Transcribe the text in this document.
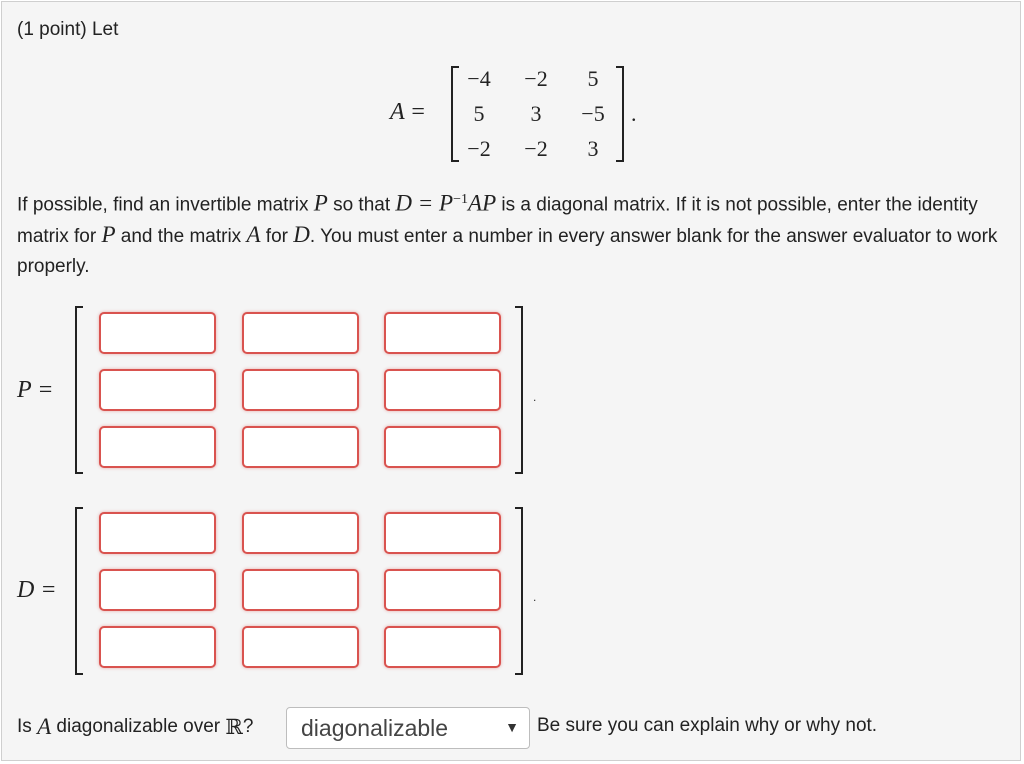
(1 point) Let
A =
−4	−2	5
5	3	−5
−2	−2	3
.
If possible, find an invertible matrix P so that $D = P^{-1}AP$ is a diagonal matrix. If it is not possible, enter the identity matrix for P and the matrix A for D. You must enter a number in every answer blank for the answer evaluator to work properly.
P =	.
D =	.
Is
A
diagonalizable over
ℝ ? diagonalizable	▼ Be sure you can explain why or why not.
